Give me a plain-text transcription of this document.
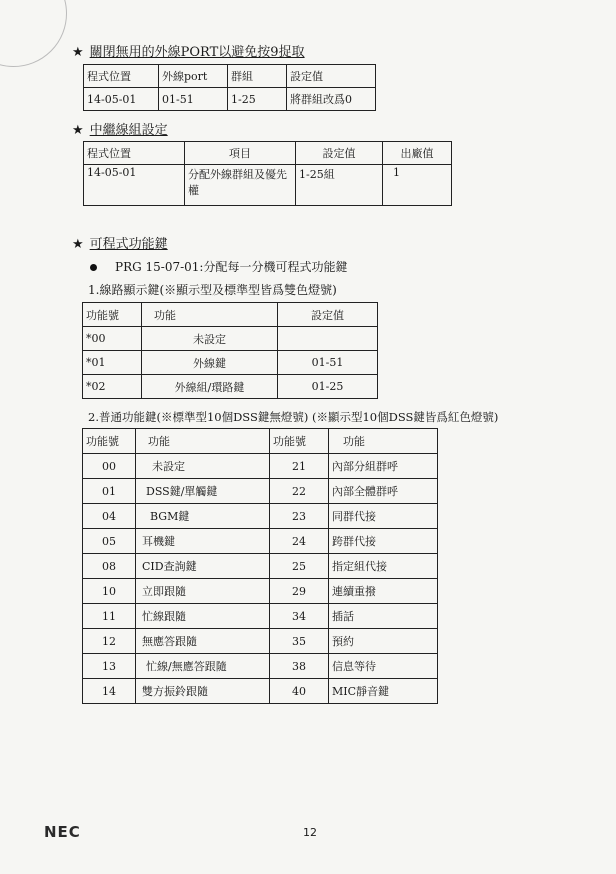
★ 關閉無用的外線PORT以避免按9捉取
程式位置	外線port	群組	設定值
14-05-01	01-51	1-25	將群組改爲0
★ 中繼線組設定
程式位置	項目	設定值	出廠值
14-05-01	分配外線群組及優先權	1-25組	1
★ 可程式功能鍵
PRG 15-07-01:分配每一分機可程式功能鍵
1.線路顯示鍵(※顯示型及標準型皆爲雙色燈號)
功能號	功能	設定值
*00	未設定	
*01	外線鍵	01-51
*02	外線組/環路鍵	01-25
2.普通功能鍵(※標準型10個DSS鍵無燈號) (※顯示型10個DSS鍵皆爲紅色燈號)
功能號	功能	功能號	功能
00	未設定	21	內部分組群呼
01	DSS鍵/單觸鍵	22	內部全體群呼
04	BGM鍵	23	同群代接
05	耳機鍵	24	跨群代接
08	CID查詢鍵	25	指定組代接
10	立即跟隨	29	連續重撥
11	忙線跟隨	34	插話
12	無應答跟隨	35	預約
13	忙線/無應答跟隨	38	信息等待
14	雙方振鈴跟隨	40	MIC靜音鍵
NEC	12
